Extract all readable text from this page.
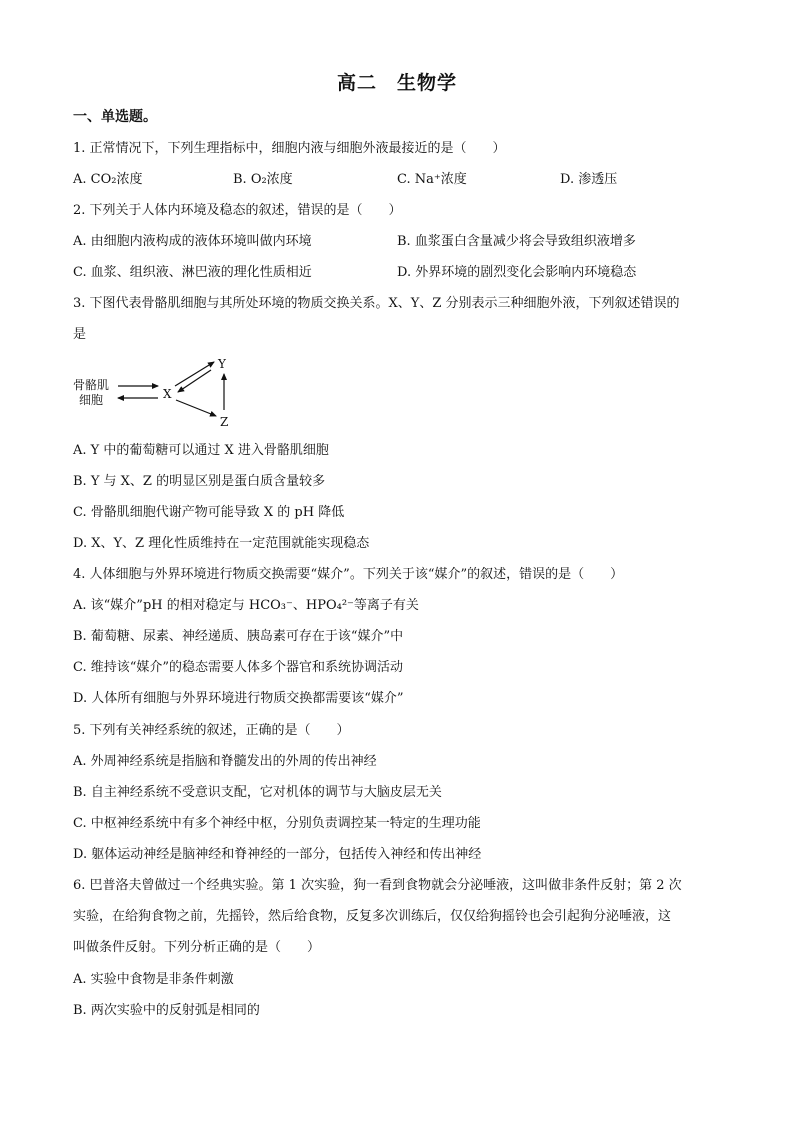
高二　生物学
一、单选题。
1. 正常情况下，下列生理指标中，细胞内液与细胞外液最接近的是（　　）
A. CO₂浓度	B. O₂浓度	C. Na⁺浓度	D. 渗透压
2. 下列关于人体内环境及稳态的叙述，错误的是（　　）
A. 由细胞内液构成的液体环境叫做内环境	B. 血浆蛋白含量减少将会导致组织液增多
C. 血浆、组织液、淋巴液的理化性质相近	D. 外界环境的剧烈变化会影响内环境稳态
3. 下图代表骨骼肌细胞与其所处环境的物质交换关系。X、Y、Z 分别表示三种细胞外液，下列叙述错误的
是
骨骼肌
细胞	X
Y
Z
A. Y 中的葡萄糖可以通过 X 进入骨骼肌细胞
B. Y 与 X、Z 的明显区别是蛋白质含量较多
C. 骨骼肌细胞代谢产物可能导致 X 的 pH 降低
D. X、Y、Z 理化性质维持在一定范围就能实现稳态
4. 人体细胞与外界环境进行物质交换需要“媒介”。下列关于该“媒介”的叙述，错误的是（　　）
A. 该“媒介”pH 的相对稳定与 HCO₃⁻、HPO₄²⁻等离子有关
B. 葡萄糖、尿素、神经递质、胰岛素可存在于该“媒介”中
C. 维持该“媒介”的稳态需要人体多个器官和系统协调活动
D. 人体所有细胞与外界环境进行物质交换都需要该“媒介”
5. 下列有关神经系统的叙述，正确的是（　　）
A. 外周神经系统是指脑和脊髓发出的外周的传出神经
B. 自主神经系统不受意识支配，它对机体的调节与大脑皮层无关
C. 中枢神经系统中有多个神经中枢，分别负责调控某一特定的生理功能
D. 躯体运动神经是脑神经和脊神经的一部分，包括传入神经和传出神经
6. 巴普洛夫曾做过一个经典实验。第 1 次实验，狗一看到食物就会分泌唾液，这叫做非条件反射；第 2 次
实验，在给狗食物之前，先摇铃，然后给食物，反复多次训练后，仅仅给狗摇铃也会引起狗分泌唾液，这
叫做条件反射。下列分析正确的是（　　）
A. 实验中食物是非条件刺激
B. 两次实验中的反射弧是相同的
